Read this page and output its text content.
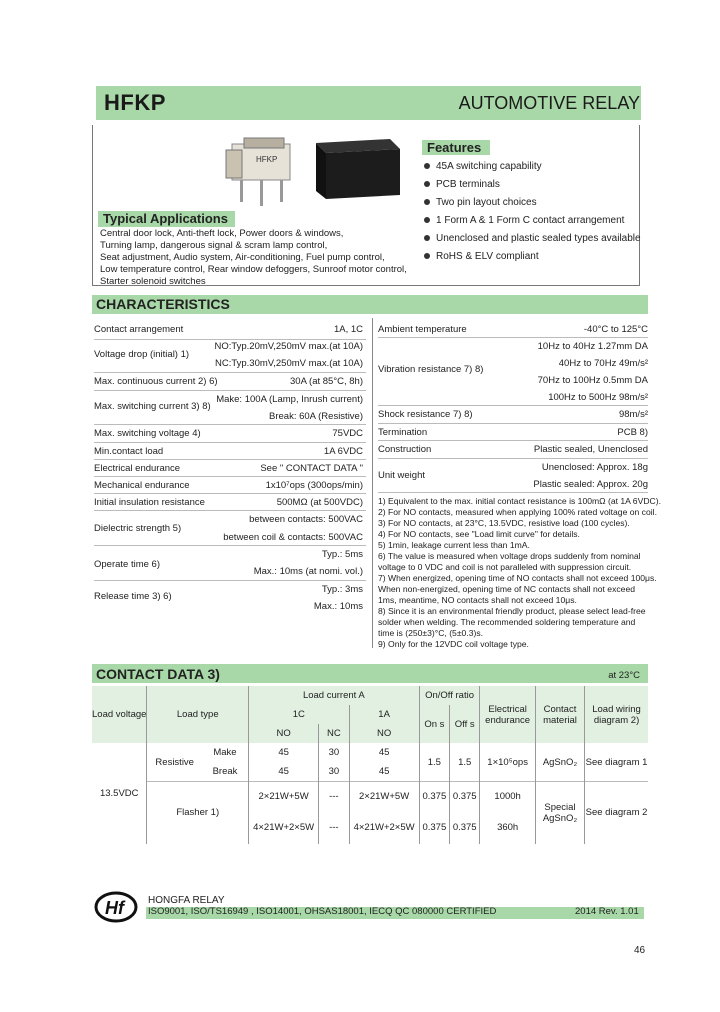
HFKP	AUTOMOTIVE RELAY
HFKP
Features
45A switching capability
PCB terminals
Two pin layout choices
1 Form A & 1 Form C contact arrangement
Unenclosed and plastic sealed types available
RoHS & ELV compliant
Typical Applications
Central door lock, Anti-theft lock, Power doors & windows,
Turning lamp, dangerous signal & scram lamp control,
Seat adjustment, Audio system, Air-conditioning, Fuel pump control,
Low temperature control, Rear window defoggers, Sunroof motor control,
Starter solenoid switches
CHARACTERISTICS
Contact arrangement	1A, 1C
Voltage drop (initial) 1)
NO:Typ.20mV,250mV max.(at 10A)
NC:Typ.30mV,250mV max.(at 10A)
Max. continuous current 2) 6)	30A (at 85°C, 8h)
Max. switching current 3) 8)
Make: 100A (Lamp, Inrush current)
Break: 60A (Resistive)
Max. switching voltage 4)	75VDC
Min.contact load	1A 6VDC
Electrical endurance	See " CONTACT DATA "
Mechanical endurance	1x10⁷ops (300ops/min)
Initial insulation resistance	500MΩ (at 500VDC)
Dielectric strength 5)
between contacts: 500VAC
between coil & contacts: 500VAC
Operate time 6)
Typ.: 5ms
Max.: 10ms (at nomi. vol.)
Release time 3) 6)
Typ.: 3ms
Max.: 10ms
Ambient temperature	-40°C to 125°C
Vibration resistance 7) 8)
10Hz to 40Hz 1.27mm DA
40Hz to 70Hz 49m/s²
70Hz to 100Hz 0.5mm DA
100Hz to 500Hz 98m/s²
Shock resistance 7) 8)	98m/s²
Termination	PCB 8)
Construction	Plastic sealed, Unenclosed
Unit weight
Unenclosed: Approx. 18g
Plastic sealed: Approx. 20g
1) Equivalent to the max. initial contact resistance is 100mΩ (at 1A 6VDC).
2) For NO contacts, measured when applying 100% rated voltage on coil.
3) For NO contacts, at 23°C, 13.5VDC, resistive load (100 cycles).
4) For NO contacts, see "Load limit curve" for details.
5) 1min, leakage current less than 1mA.
6) The value is measured when voltage drops suddenly from nominal
voltage to 0 VDC and coil is not paralleled with suppression circuit.
7) When energized, opening time of NO contacts shall not exceed 100μs.
When non-energized, opening time of NC contacts shall not exceed
1ms, meantime, NO contacts shall not exceed 10μs.
8) Since it is an environmental friendly product, please select lead-free
solder when welding. The recommended soldering temperature and
time is (250±3)°C, (5±0.3)s.
9) Only for the 12VDC coil voltage type.
CONTACT DATA 3)	at 23°C
Load voltage	Load type		Load current A			On/Off ratio		Electrical endurance	Contact material	Load wiring diagram 2)
			1C		1A	On s	Off s			
			NO	NC	NO					
13.5VDC	Resistive	Make	45	30	45	1.5	1.5	1×10⁵ops	AgSnO₂	See diagram 1
		Break	45	30	45					
	Flasher 1)		2×21W+5W	---	2×21W+5W	0.375	0.375	1000h	Special AgSnO₂	See diagram 2
			4×21W+2×5W	---	4×21W+2×5W	0.375	0.375	360h		
Hf HONGFA RELAY
ISO9001, ISO/TS16949 , ISO14001, OHSAS18001, IECQ QC 080000 CERTIFIED	2014 Rev. 1.01
46
